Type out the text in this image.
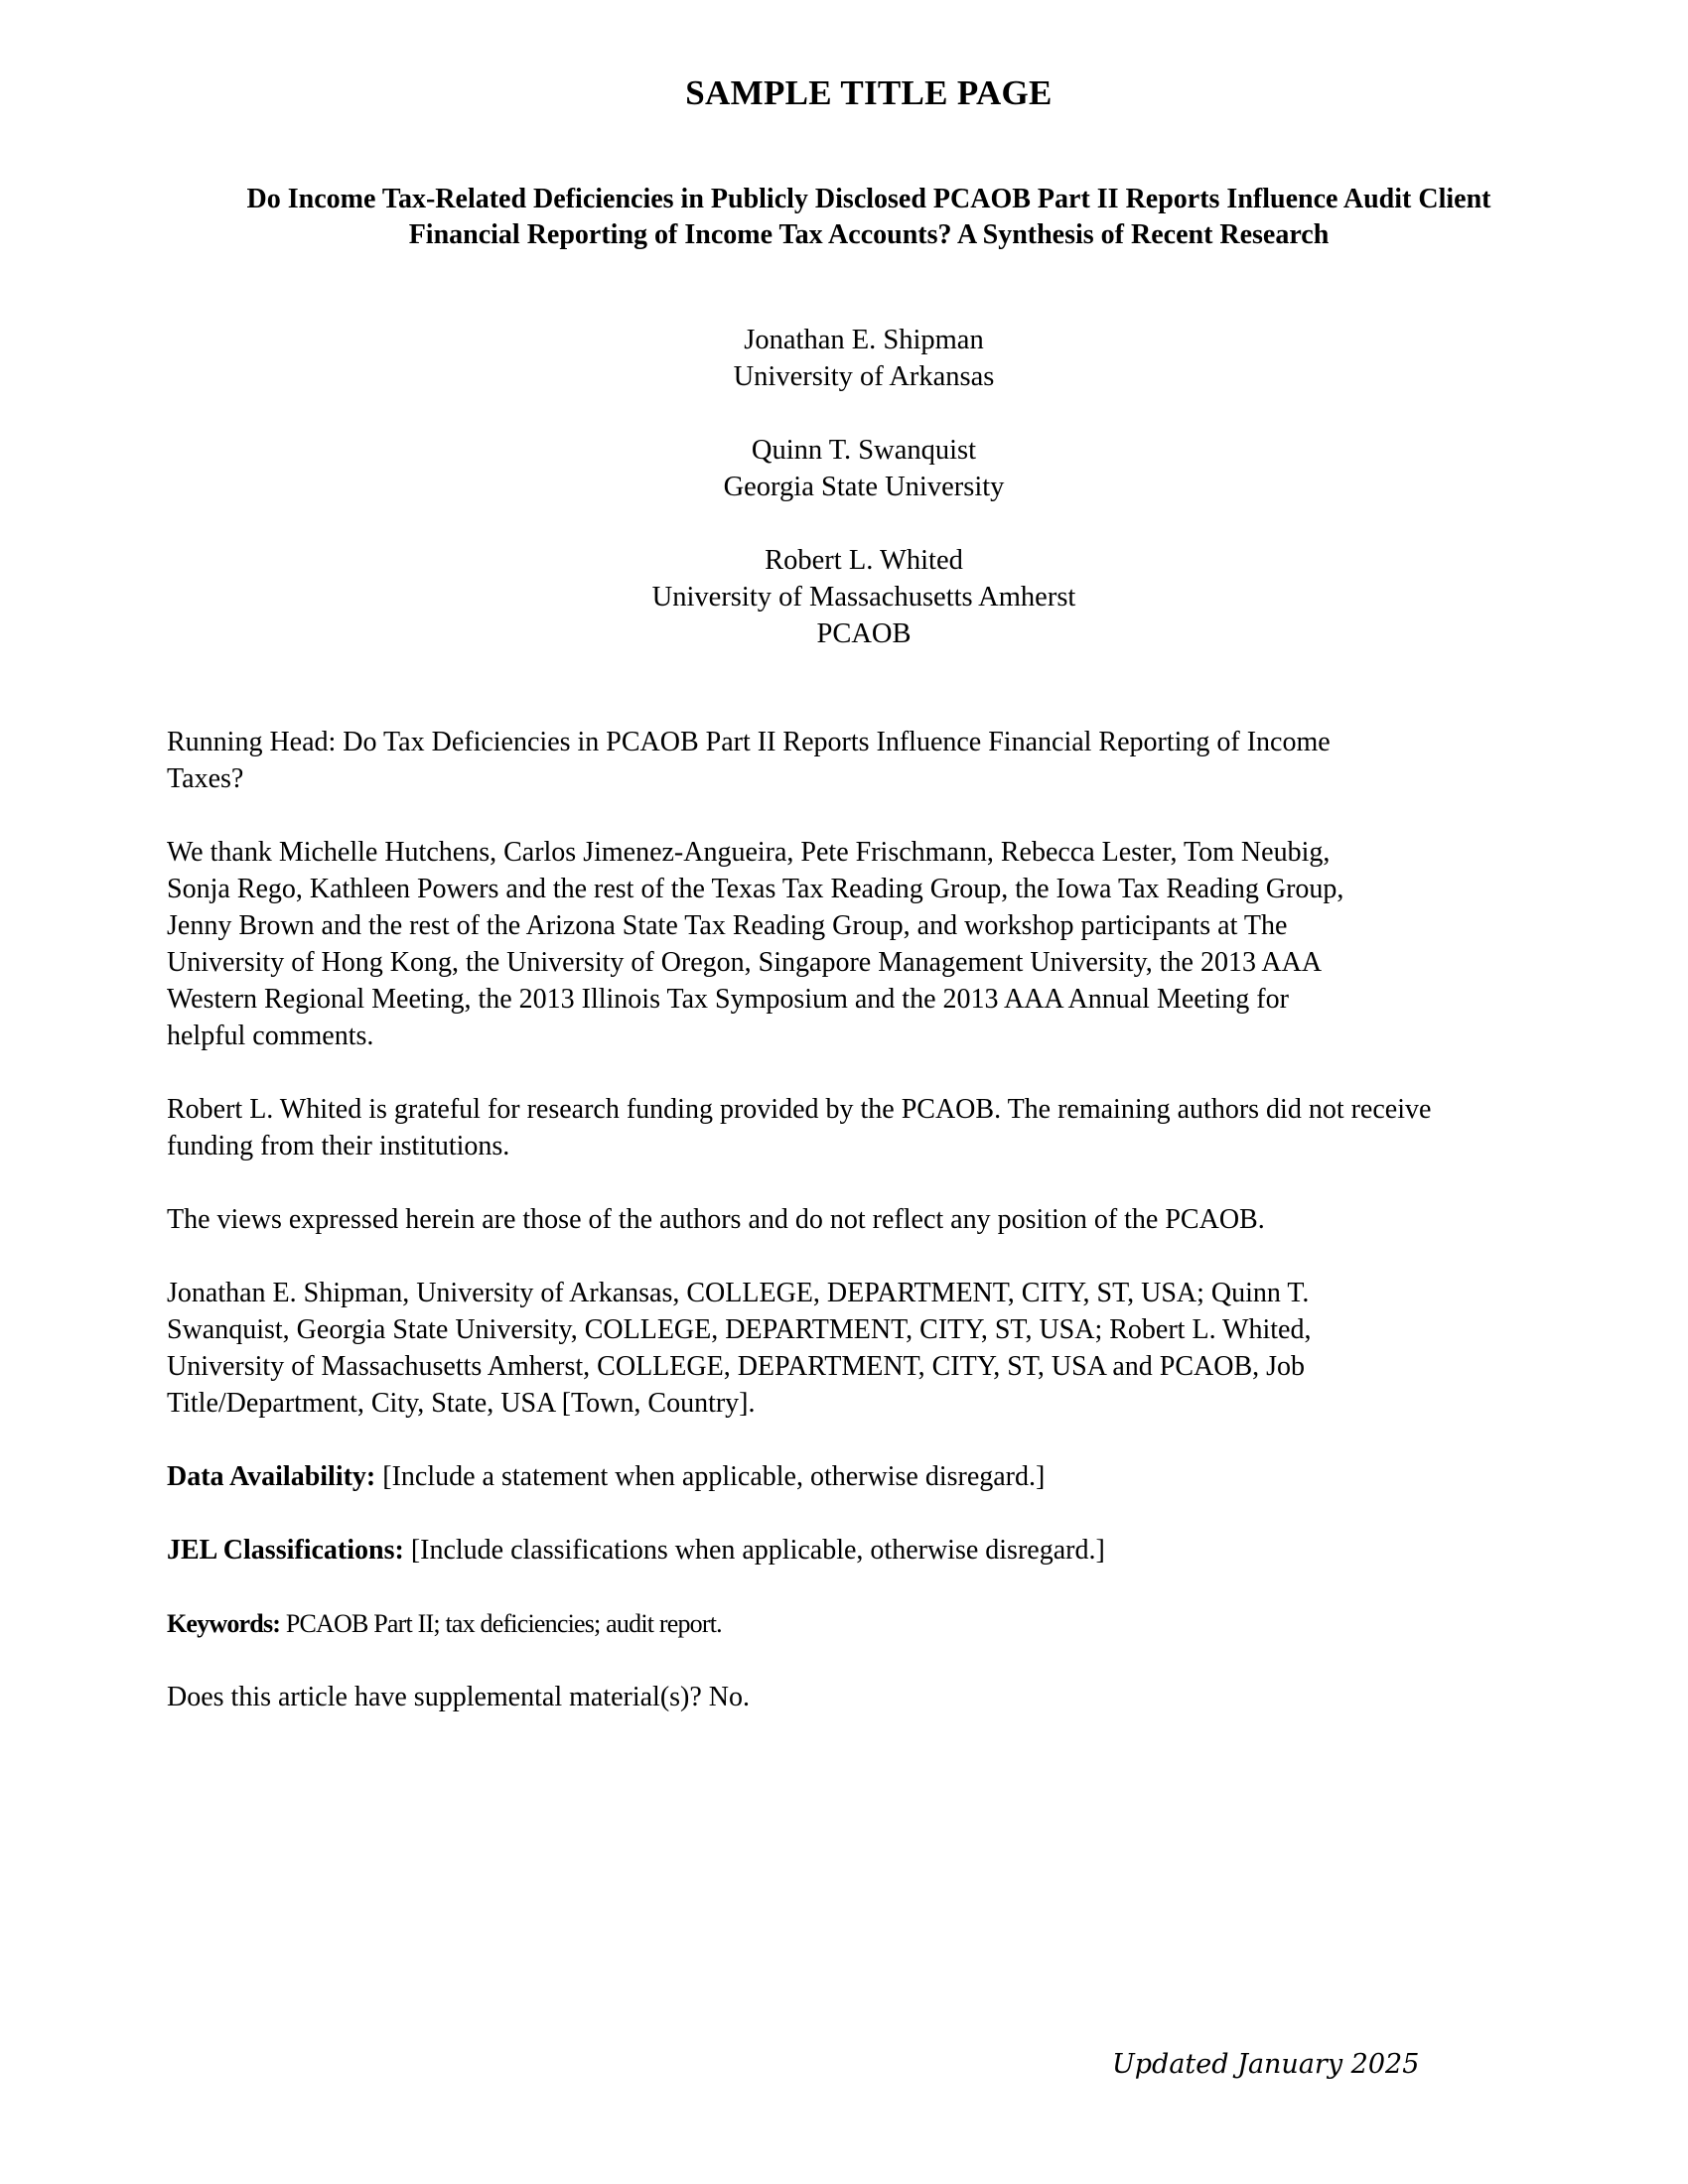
SAMPLE TITLE PAGE
Do Income Tax-Related Deficiencies in Publicly Disclosed PCAOB Part II Reports Influence Audit Client
Financial Reporting of Income Tax Accounts? A Synthesis of Recent Research
Jonathan E. Shipman
University of Arkansas
Quinn T. Swanquist
Georgia State University
Robert L. Whited
University of Massachusetts Amherst
PCAOB
Running Head: Do Tax Deficiencies in PCAOB Part II Reports Influence Financial Reporting of Income
Taxes?
We thank Michelle Hutchens, Carlos Jimenez-Angueira, Pete Frischmann, Rebecca Lester, Tom Neubig,
Sonja Rego, Kathleen Powers and the rest of the Texas Tax Reading Group, the Iowa Tax Reading Group,
Jenny Brown and the rest of the Arizona State Tax Reading Group, and workshop participants at The
University of Hong Kong, the University of Oregon, Singapore Management University, the 2013 AAA
Western Regional Meeting, the 2013 Illinois Tax Symposium and the 2013 AAA Annual Meeting for
helpful comments.
Robert L. Whited is grateful for research funding provided by the PCAOB. The remaining authors did not receive
funding from their institutions.
The views expressed herein are those of the authors and do not reflect any position of the PCAOB.
Jonathan E. Shipman, University of Arkansas, COLLEGE, DEPARTMENT, CITY, ST, USA; Quinn T.
Swanquist, Georgia State University, COLLEGE, DEPARTMENT, CITY, ST, USA; Robert L. Whited,
University of Massachusetts Amherst, COLLEGE, DEPARTMENT, CITY, ST, USA and PCAOB, Job
Title/Department, City, State, USA [Town, Country].
Data Availability: [Include a statement when applicable, otherwise disregard.]
JEL Classifications: [Include classifications when applicable, otherwise disregard.]
Keywords: PCAOB Part II; tax deficiencies; audit report.
Does this article have supplemental material(s)? No.
Updated January 2025
